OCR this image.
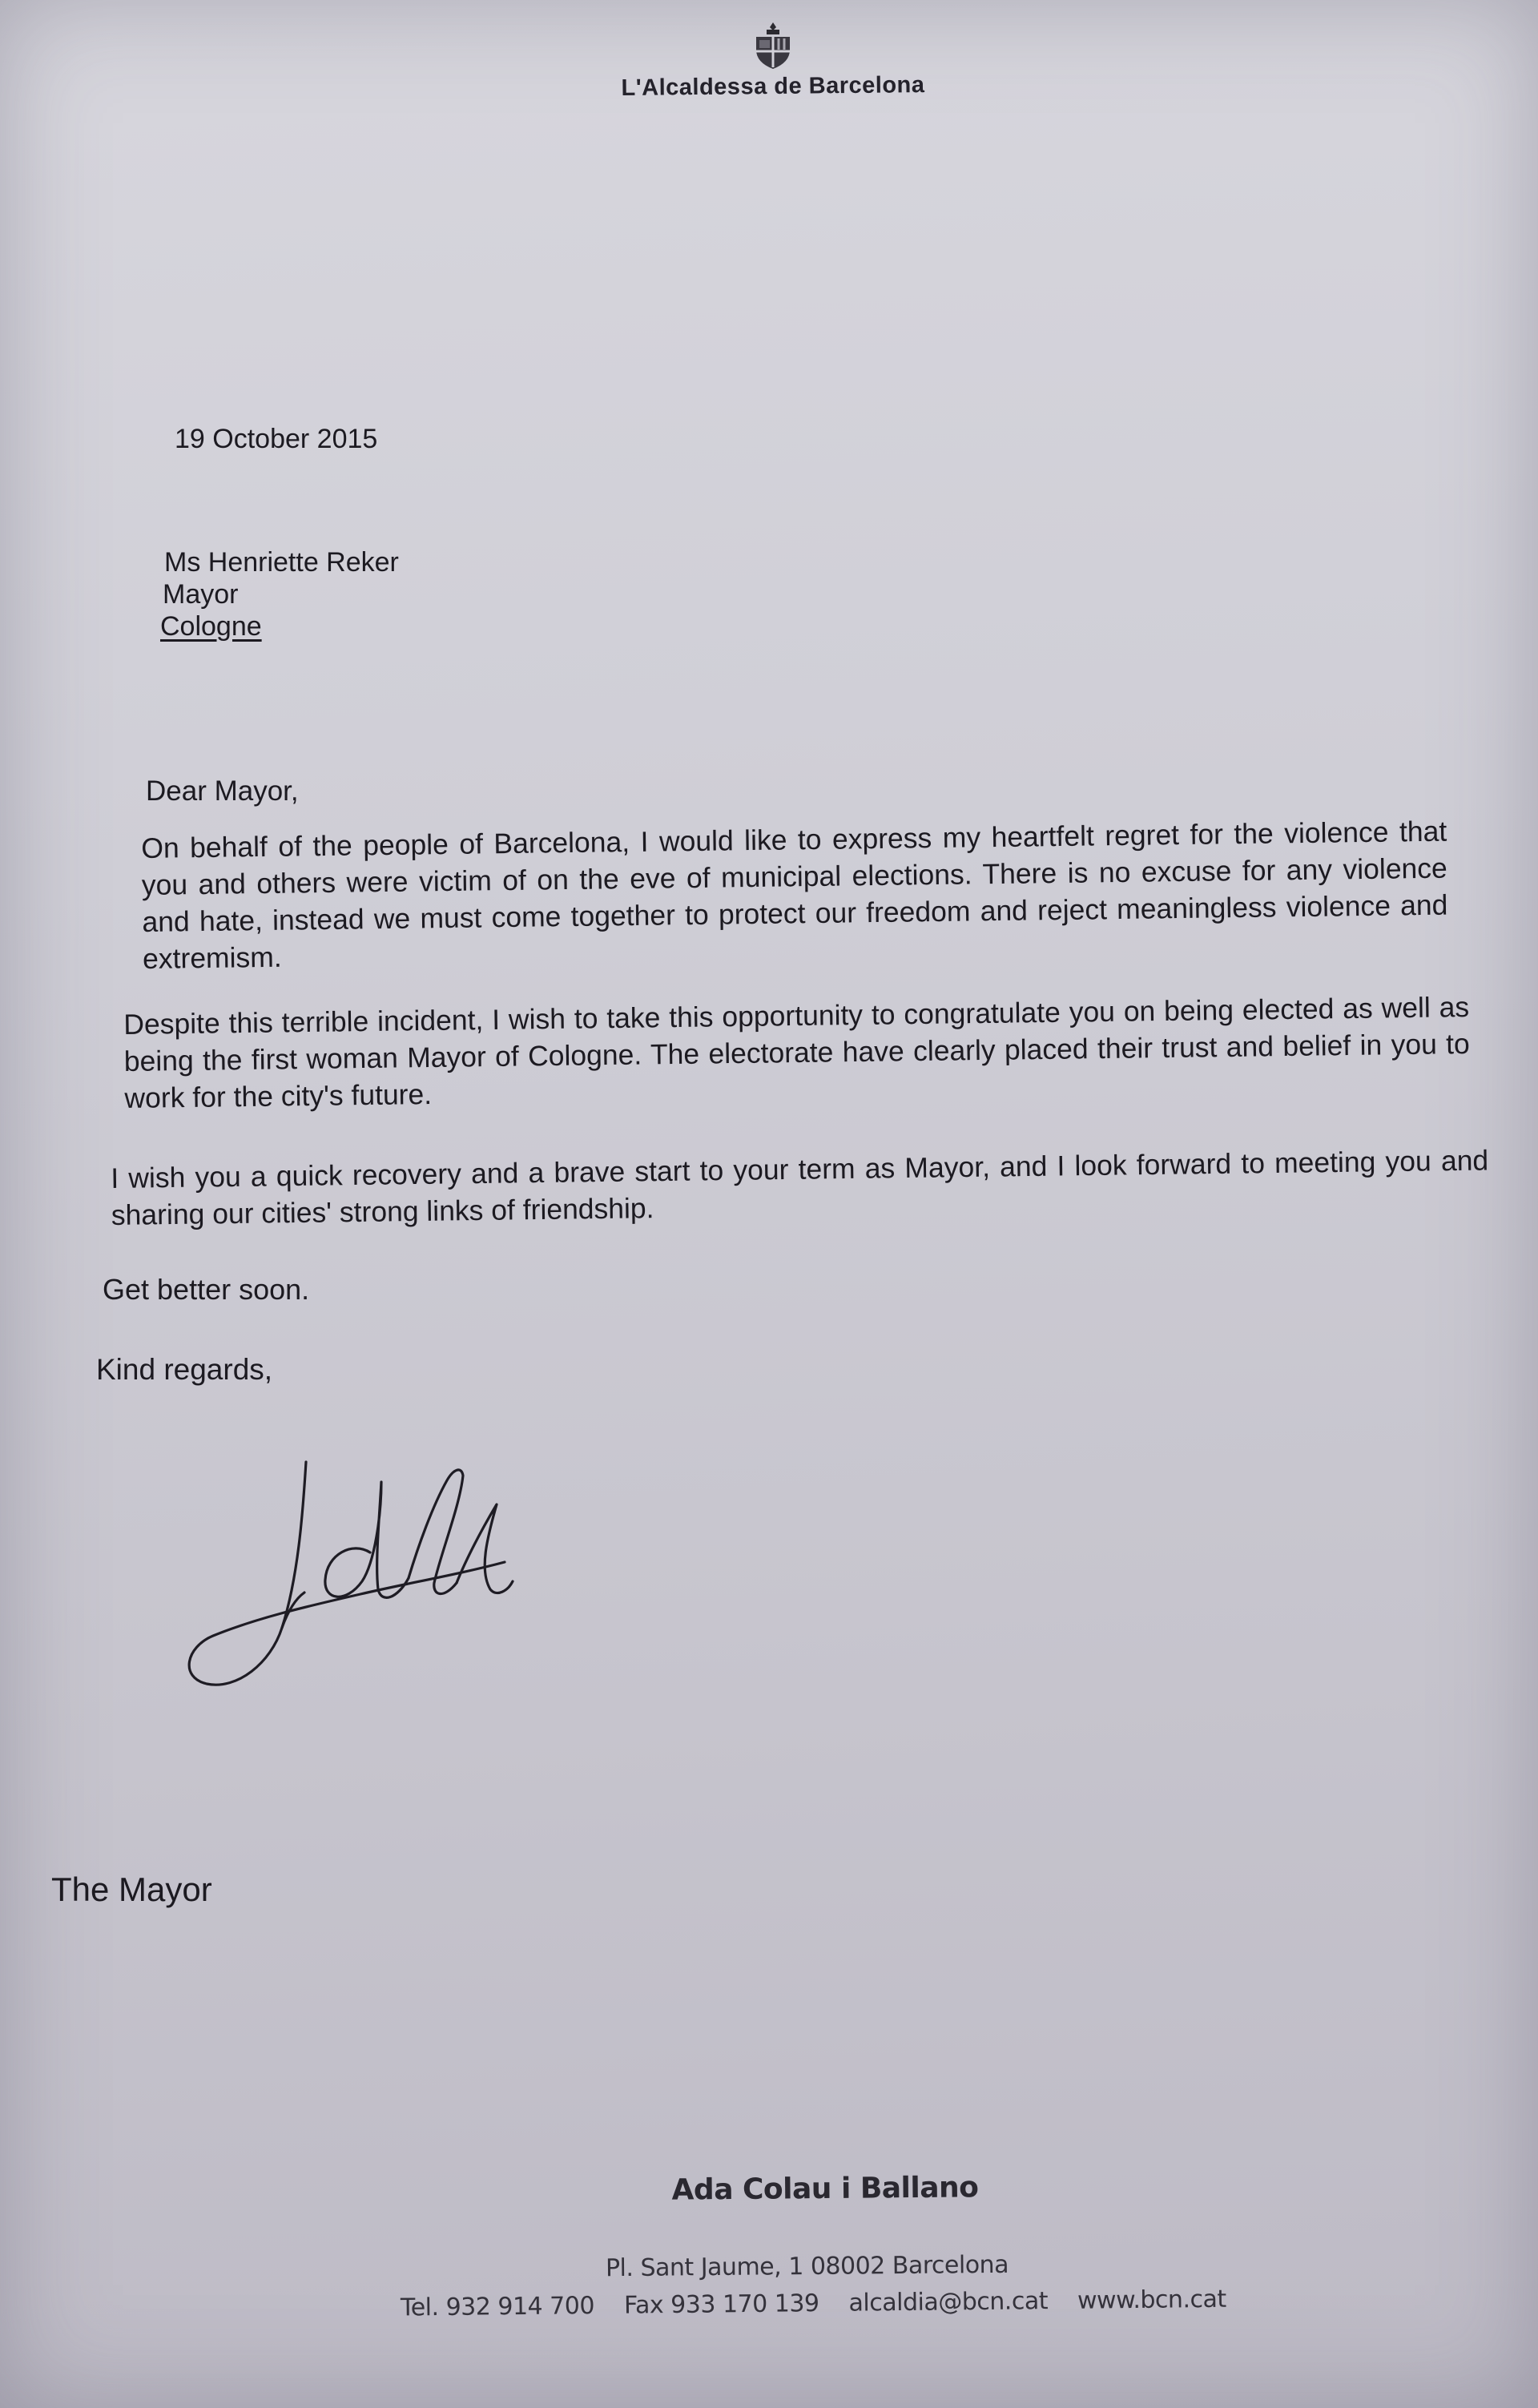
L'Alcaldessa de Barcelona
19 October 2015
Ms Henriette Reker
Mayor
Cologne
Dear Mayor,
On behalf of the people of Barcelona, I would like to express my heartfelt regret for the violence that you and others were victim of on the eve of municipal elections. There is no excuse for any violence and hate, instead we must come together to protect our freedom and reject meaningless violence and extremism.
Despite this terrible incident, I wish to take this opportunity to congratulate you on being elected as well as being the first woman Mayor of Cologne. The electorate have clearly placed their trust and belief in you to work for the city's future.
I wish you a quick recovery and a brave start to your term as Mayor, and I look forward to meeting you and sharing our cities' strong links of friendship.
Get better soon.
Kind regards,
The Mayor
Ada Colau i Ballano
Pl. Sant Jaume, 1 08002 Barcelona
Tel. 932 914 700 Fax 933 170 139 alcaldia@bcn.cat www.bcn.cat
